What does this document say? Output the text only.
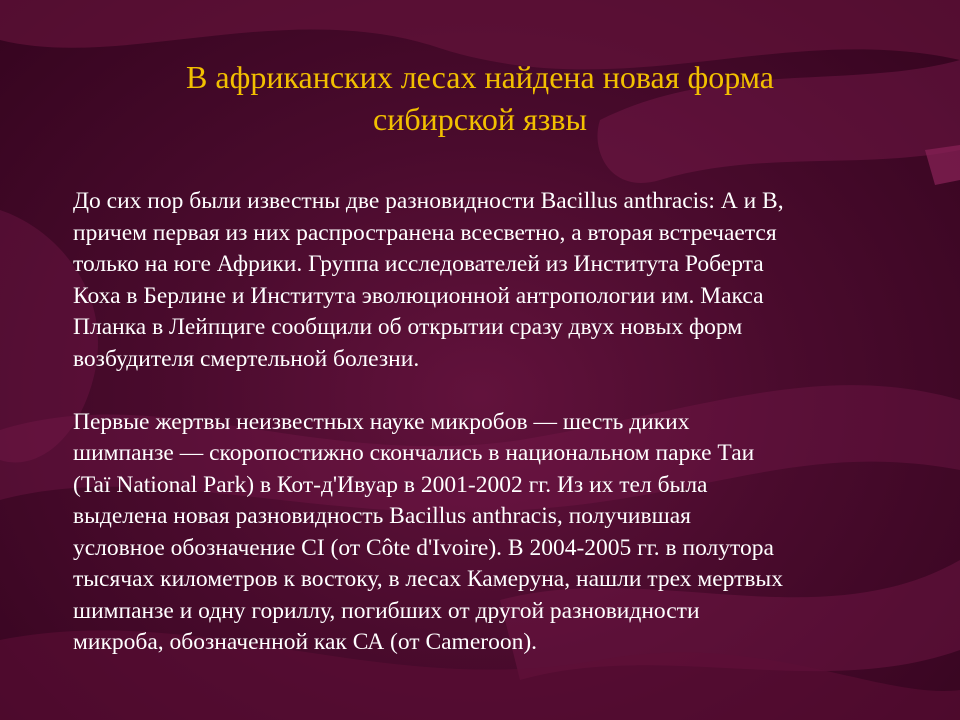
В африканских лесах найдена новая форма
сибирской язвы

До сих пор были известны две разновидности Bacillus anthracis: А и B,
причем первая из них распространена всесветно, а вторая встречается
только на юге Африки. Группа исследователей из Института Роберта
Коха в Берлине и Института эволюционной антропологии им. Макса
Планка в Лейпциге сообщили об открытии сразу двух новых форм
возбудителя смертельной болезни.

Первые жертвы неизвестных науке микробов — шесть диких
шимпанзе — скоропостижно скончались в национальном парке Таи
(Taï National Park) в Кот-д'Ивуар в 2001-2002 гг. Из их тел была
выделена новая разновидность Bacillus anthracis, получившая
условное обозначение CI (от Côte d'Ivoire). В 2004-2005 гг. в полутора
тысячах километров к востоку, в лесах Камеруна, нашли трех мертвых
шимпанзе и одну гориллу, погибших от другой разновидности
микроба, обозначенной как СА (от Cameroon).
